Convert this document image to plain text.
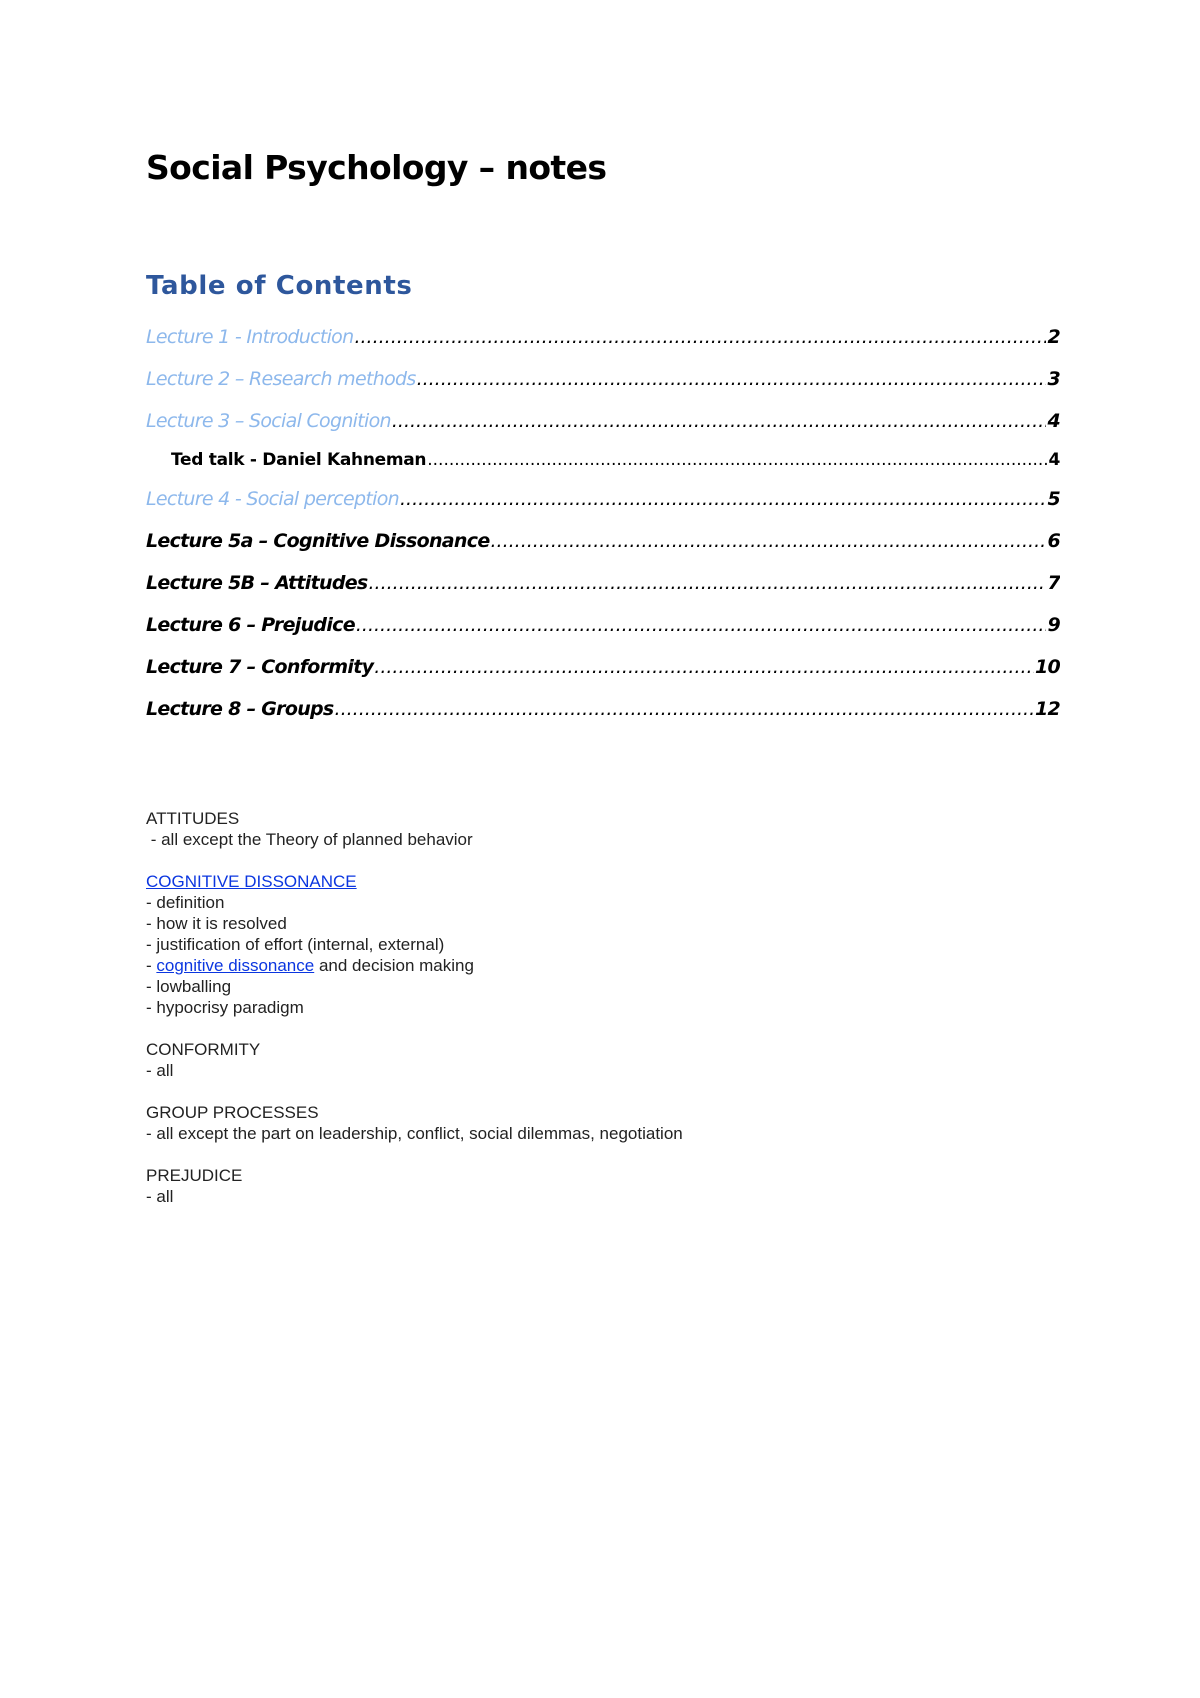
Social Psychology – notes
Table of Contents
Lecture 1 - Introduction .....	2
Lecture 2 – Research methods .....	3
Lecture 3 – Social Cognition .....	4
Ted talk - Daniel Kahneman .....	4
Lecture 4 - Social perception .....	5
Lecture 5a – Cognitive Dissonance .....	6
Lecture 5B – Attitudes .....	7
Lecture 6 – Prejudice .....	9
Lecture 7 – Conformity .....	10
Lecture 8 – Groups .....	12

ATTITUDES

- all except the Theory of planned behavior

COGNITIVE DISSONANCE

- definition

- how it is resolved

- justification of effort (internal, external)

- cognitive dissonance and decision making

- lowballing

- hypocrisy paradigm

CONFORMITY

- all

GROUP PROCESSES

- all except the part on leadership, conflict, social dilemmas, negotiation

PREJUDICE

- all
